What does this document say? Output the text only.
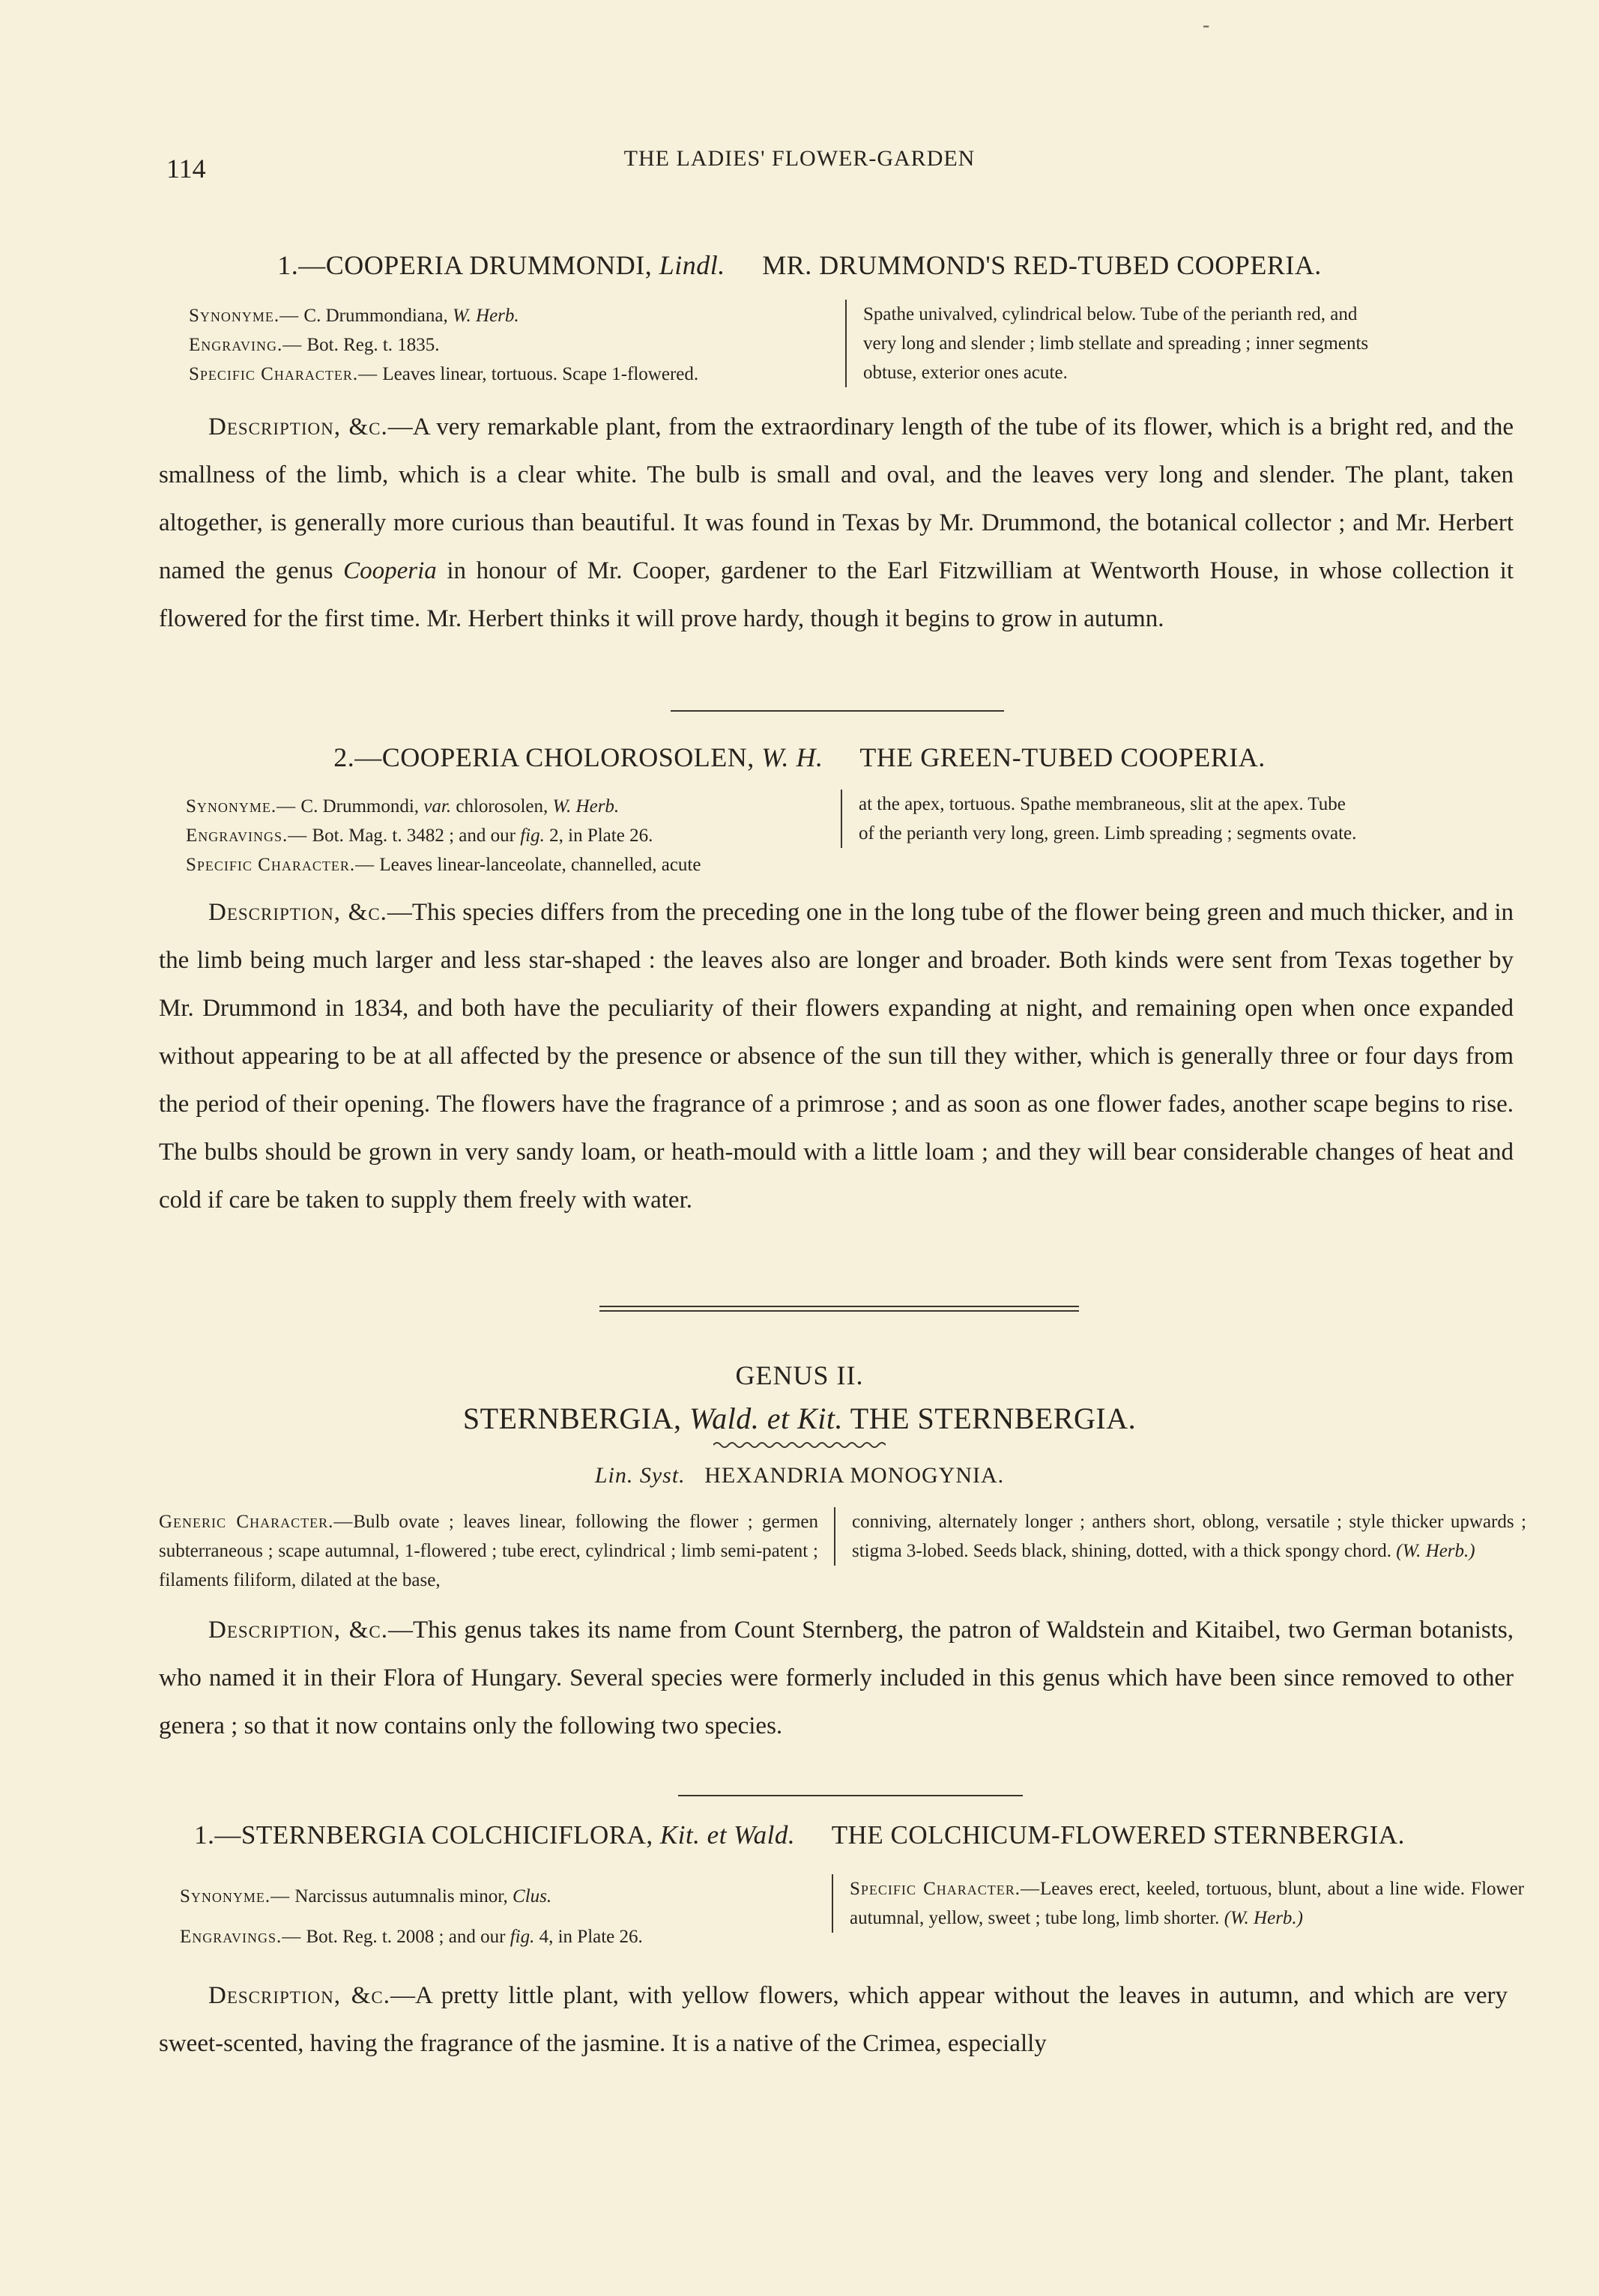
-
114	THE LADIES' FLOWER-GARDEN
1.—COOPERIA DRUMMONDI, Lindl. MR. DRUMMOND'S RED-TUBED COOPERIA.
Synonyme.— C. Drummondiana, W. Herb.
Engraving.— Bot. Reg. t. 1835.
Specific Character.— Leaves linear, tortuous. Scape 1-flowered.
Spathe univalved, cylindrical below. Tube of the perianth red, and
very long and slender ; limb stellate and spreading ; inner segments
obtuse, exterior ones acute.
Description, &c.—A very remarkable plant, from the extraordinary length of the tube of its flower, which is a bright red, and the smallness of the limb, which is a clear white. The bulb is small and oval, and the leaves very long and slender. The plant, taken altogether, is generally more curious than beautiful. It was found in Texas by Mr. Drummond, the botanical collector ; and Mr. Herbert named the genus Cooperia in honour of Mr. Cooper, gardener to the Earl Fitzwilliam at Wentworth House, in whose collection it flowered for the first time. Mr. Herbert thinks it will prove hardy, though it begins to grow in autumn.
2.—COOPERIA CHOLOROSOLEN, W. H. THE GREEN-TUBED COOPERIA.
Synonyme.— C. Drummondi, var. chlorosolen, W. Herb.
Engravings.— Bot. Mag. t. 3482 ; and our fig. 2, in Plate 26.
Specific Character.— Leaves linear-lanceolate, channelled, acute
at the apex, tortuous. Spathe membraneous, slit at the apex. Tube
of the perianth very long, green. Limb spreading ; segments ovate.
Description, &c.—This species differs from the preceding one in the long tube of the flower being green and much thicker, and in the limb being much larger and less star-shaped : the leaves also are longer and broader. Both kinds were sent from Texas together by Mr. Drummond in 1834, and both have the peculiarity of their flowers expanding at night, and remaining open when once expanded without appearing to be at all affected by the presence or absence of the sun till they wither, which is generally three or four days from the period of their opening. The flowers have the fragrance of a primrose ; and as soon as one flower fades, another scape begins to rise. The bulbs should be grown in very sandy loam, or heath-mould with a little loam ; and they will bear considerable changes of heat and cold if care be taken to supply them freely with water.
GENUS II.
STERNBERGIA, Wald. et Kit. THE STERNBERGIA.
Lin. Syst. HEXANDRIA MONOGYNIA.
Generic Character.—Bulb ovate ; leaves linear, following the flower ; germen subterraneous ; scape autumnal, 1-flowered ; tube erect, cylindrical ; limb semi-patent ; filaments filiform, dilated at the base,
conniving, alternately longer ; anthers short, oblong, versatile ; style thicker upwards ; stigma 3-lobed. Seeds black, shining, dotted, with a thick spongy chord. (W. Herb.)
Description, &c.—This genus takes its name from Count Sternberg, the patron of Waldstein and Kitaibel, two German botanists, who named it in their Flora of Hungary. Several species were formerly included in this genus which have been since removed to other genera ; so that it now contains only the following two species.
1.—STERNBERGIA COLCHICIFLORA, Kit. et Wald. THE COLCHICUM-FLOWERED STERNBERGIA.
Synonyme.— Narcissus autumnalis minor, Clus.
Engravings.— Bot. Reg. t. 2008 ; and our fig. 4, in Plate 26.
Specific Character.—Leaves erect, keeled, tortuous, blunt, about a line wide. Flower autumnal, yellow, sweet ; tube long, limb shorter. (W. Herb.)
Description, &c.—A pretty little plant, with yellow flowers, which appear without the leaves in autumn, and which are very sweet-scented, having the fragrance of the jasmine. It is a native of the Crimea, especially
